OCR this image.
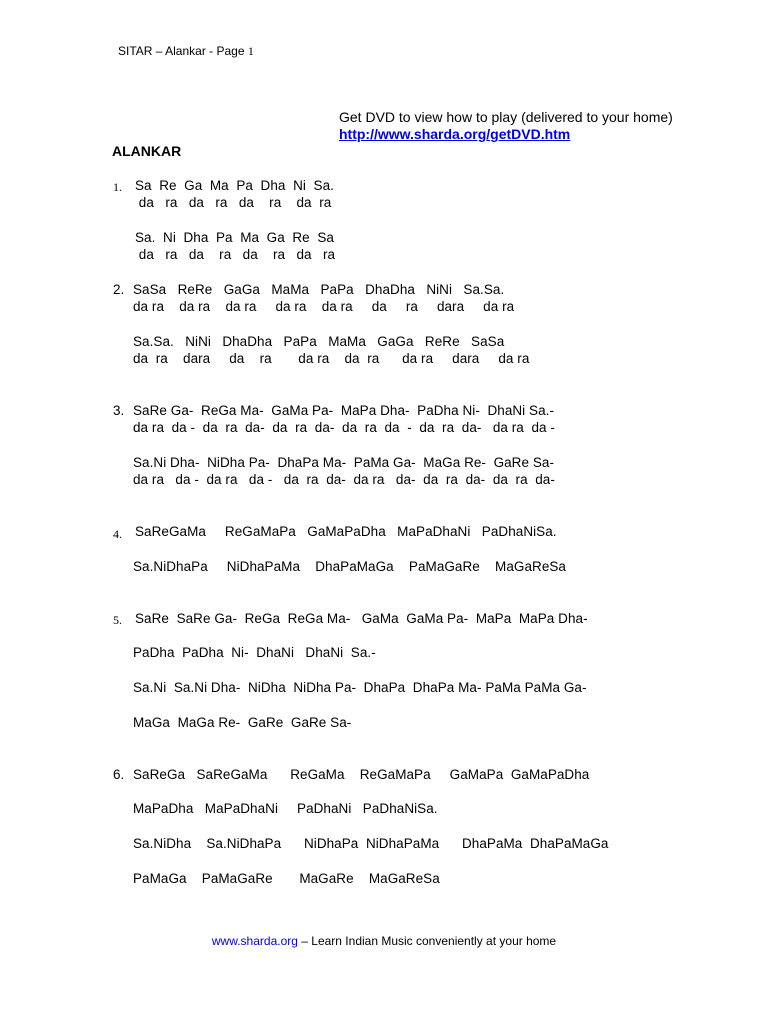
SITAR – Alankar - Page 1
Get DVD to view how to play (delivered to your home)
http://www.sharda.org/getDVD.htm
ALANKAR
1. Sa  Re  Ga  Ma  Pa  Dha  Ni  Sa.
da   ra   da   ra   da    ra    da  ra
Sa.  Ni  Dha  Pa  Ma  Ga  Re  Sa
da   ra   da    ra   da    ra   da   ra
2. SaSa   ReRe   GaGa   MaMa   PaPa   DhaDha   NiNi   Sa.Sa.
da ra    da ra    da ra     da ra    da ra     da     ra     dara     da ra
Sa.Sa.   NiNi   DhaDha   PaPa   MaMa   GaGa   ReRe   SaSa
da  ra    dara     da    ra       da ra    da  ra      da ra     dara     da ra
3. SaRe Ga-  ReGa Ma-  GaMa Pa-  MaPa Dha-  PaDha Ni-  DhaNi Sa.-
da ra  da -  da  ra  da-  da  ra  da-  da  ra  da  -  da  ra  da-   da ra  da -
Sa.Ni Dha-  NiDha Pa-  DhaPa Ma-  PaMa Ga-  MaGa Re-  GaRe Sa-
da ra   da -  da ra   da -   da  ra  da-  da ra   da-  da  ra  da-  da  ra  da-
4. SaReGaMa     ReGaMaPa   GaMaPaDha   MaPaDhaNi   PaDhaNiSa.
Sa.NiDhaPa     NiDhaPaMa    DhaPaMaGa    PaMaGaRe    MaGaReSa
5. SaRe  SaRe Ga-  ReGa  ReGa Ma-   GaMa  GaMa Pa-  MaPa  MaPa Dha-
PaDha  PaDha  Ni-  DhaNi   DhaNi  Sa.-
Sa.Ni  Sa.Ni Dha-  NiDha  NiDha Pa-  DhaPa  DhaPa Ma- PaMa PaMa Ga-
MaGa  MaGa Re-  GaRe  GaRe Sa-
6. SaReGa   SaReGaMa      ReGaMa    ReGaMaPa     GaMaPa  GaMaPaDha
MaPaDha   MaPaDhaNi     PaDhaNi   PaDhaNiSa.
Sa.NiDha    Sa.NiDhaPa      NiDhaPa  NiDhaPaMa      DhaPaMa  DhaPaMaGa
PaMaGa    PaMaGaRe       MaGaRe    MaGaReSa
www.sharda.org – Learn Indian Music conveniently at your home
